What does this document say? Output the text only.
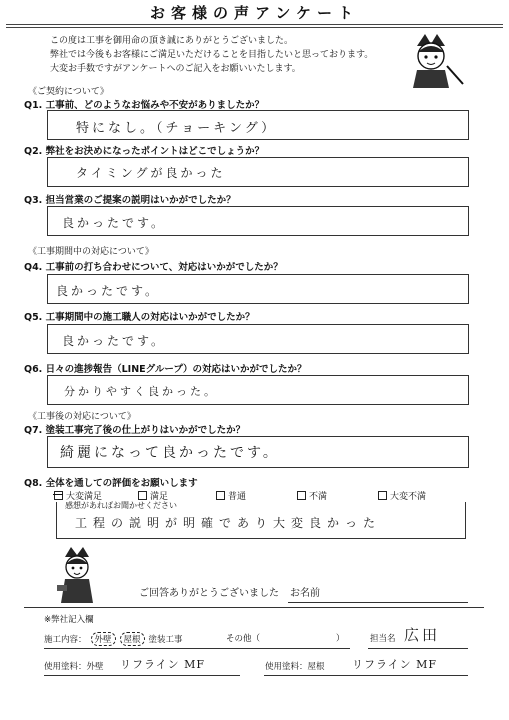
お客様の声アンケート
この度は工事を御用命の頂き誠にありがとうございました。
弊社では今後もお客様にご満足いただけることを目指したいと思っております。
大変お手数ですがアンケートへのご記入をお願いいたします。
《ご契約について》
Q1. 工事前、どのようなお悩みや不安がありましたか？
特になし。（チョーキング）
Q2. 弊社をお決めになったポイントはどこでしょうか？
タイミングが良かった
Q3. 担当営業のご提案の説明はいかがでしたか？
良かったです。
《工事期間中の対応について》
Q4. 工事前の打ち合わせについて、対応はいかがでしたか？
良かったです。
Q5. 工事期間中の施工職人の対応はいかがでしたか？
良かったです。
Q6. 日々の進捗報告（LINEグループ）の対応はいかがでしたか？
分かりやすく良かった。
《工事後の対応について》
Q7. 塗装工事完了後の仕上がりはいかがでしたか？
綺麗になって良かったです。
Q8. 全体を通しての評価をお願いします
大変満足	満足	普通	不満	大変不満
感想があればお聞かせください
工程の説明が明確であり大変良かった
ご回答ありがとうございました お名前
※弊社記入欄
施工内容： 外壁	屋根 塗装工事	その他（	）	担当名 広田
使用塗料：外壁 リフライン MF	使用塗料：屋根 リフライン MF
